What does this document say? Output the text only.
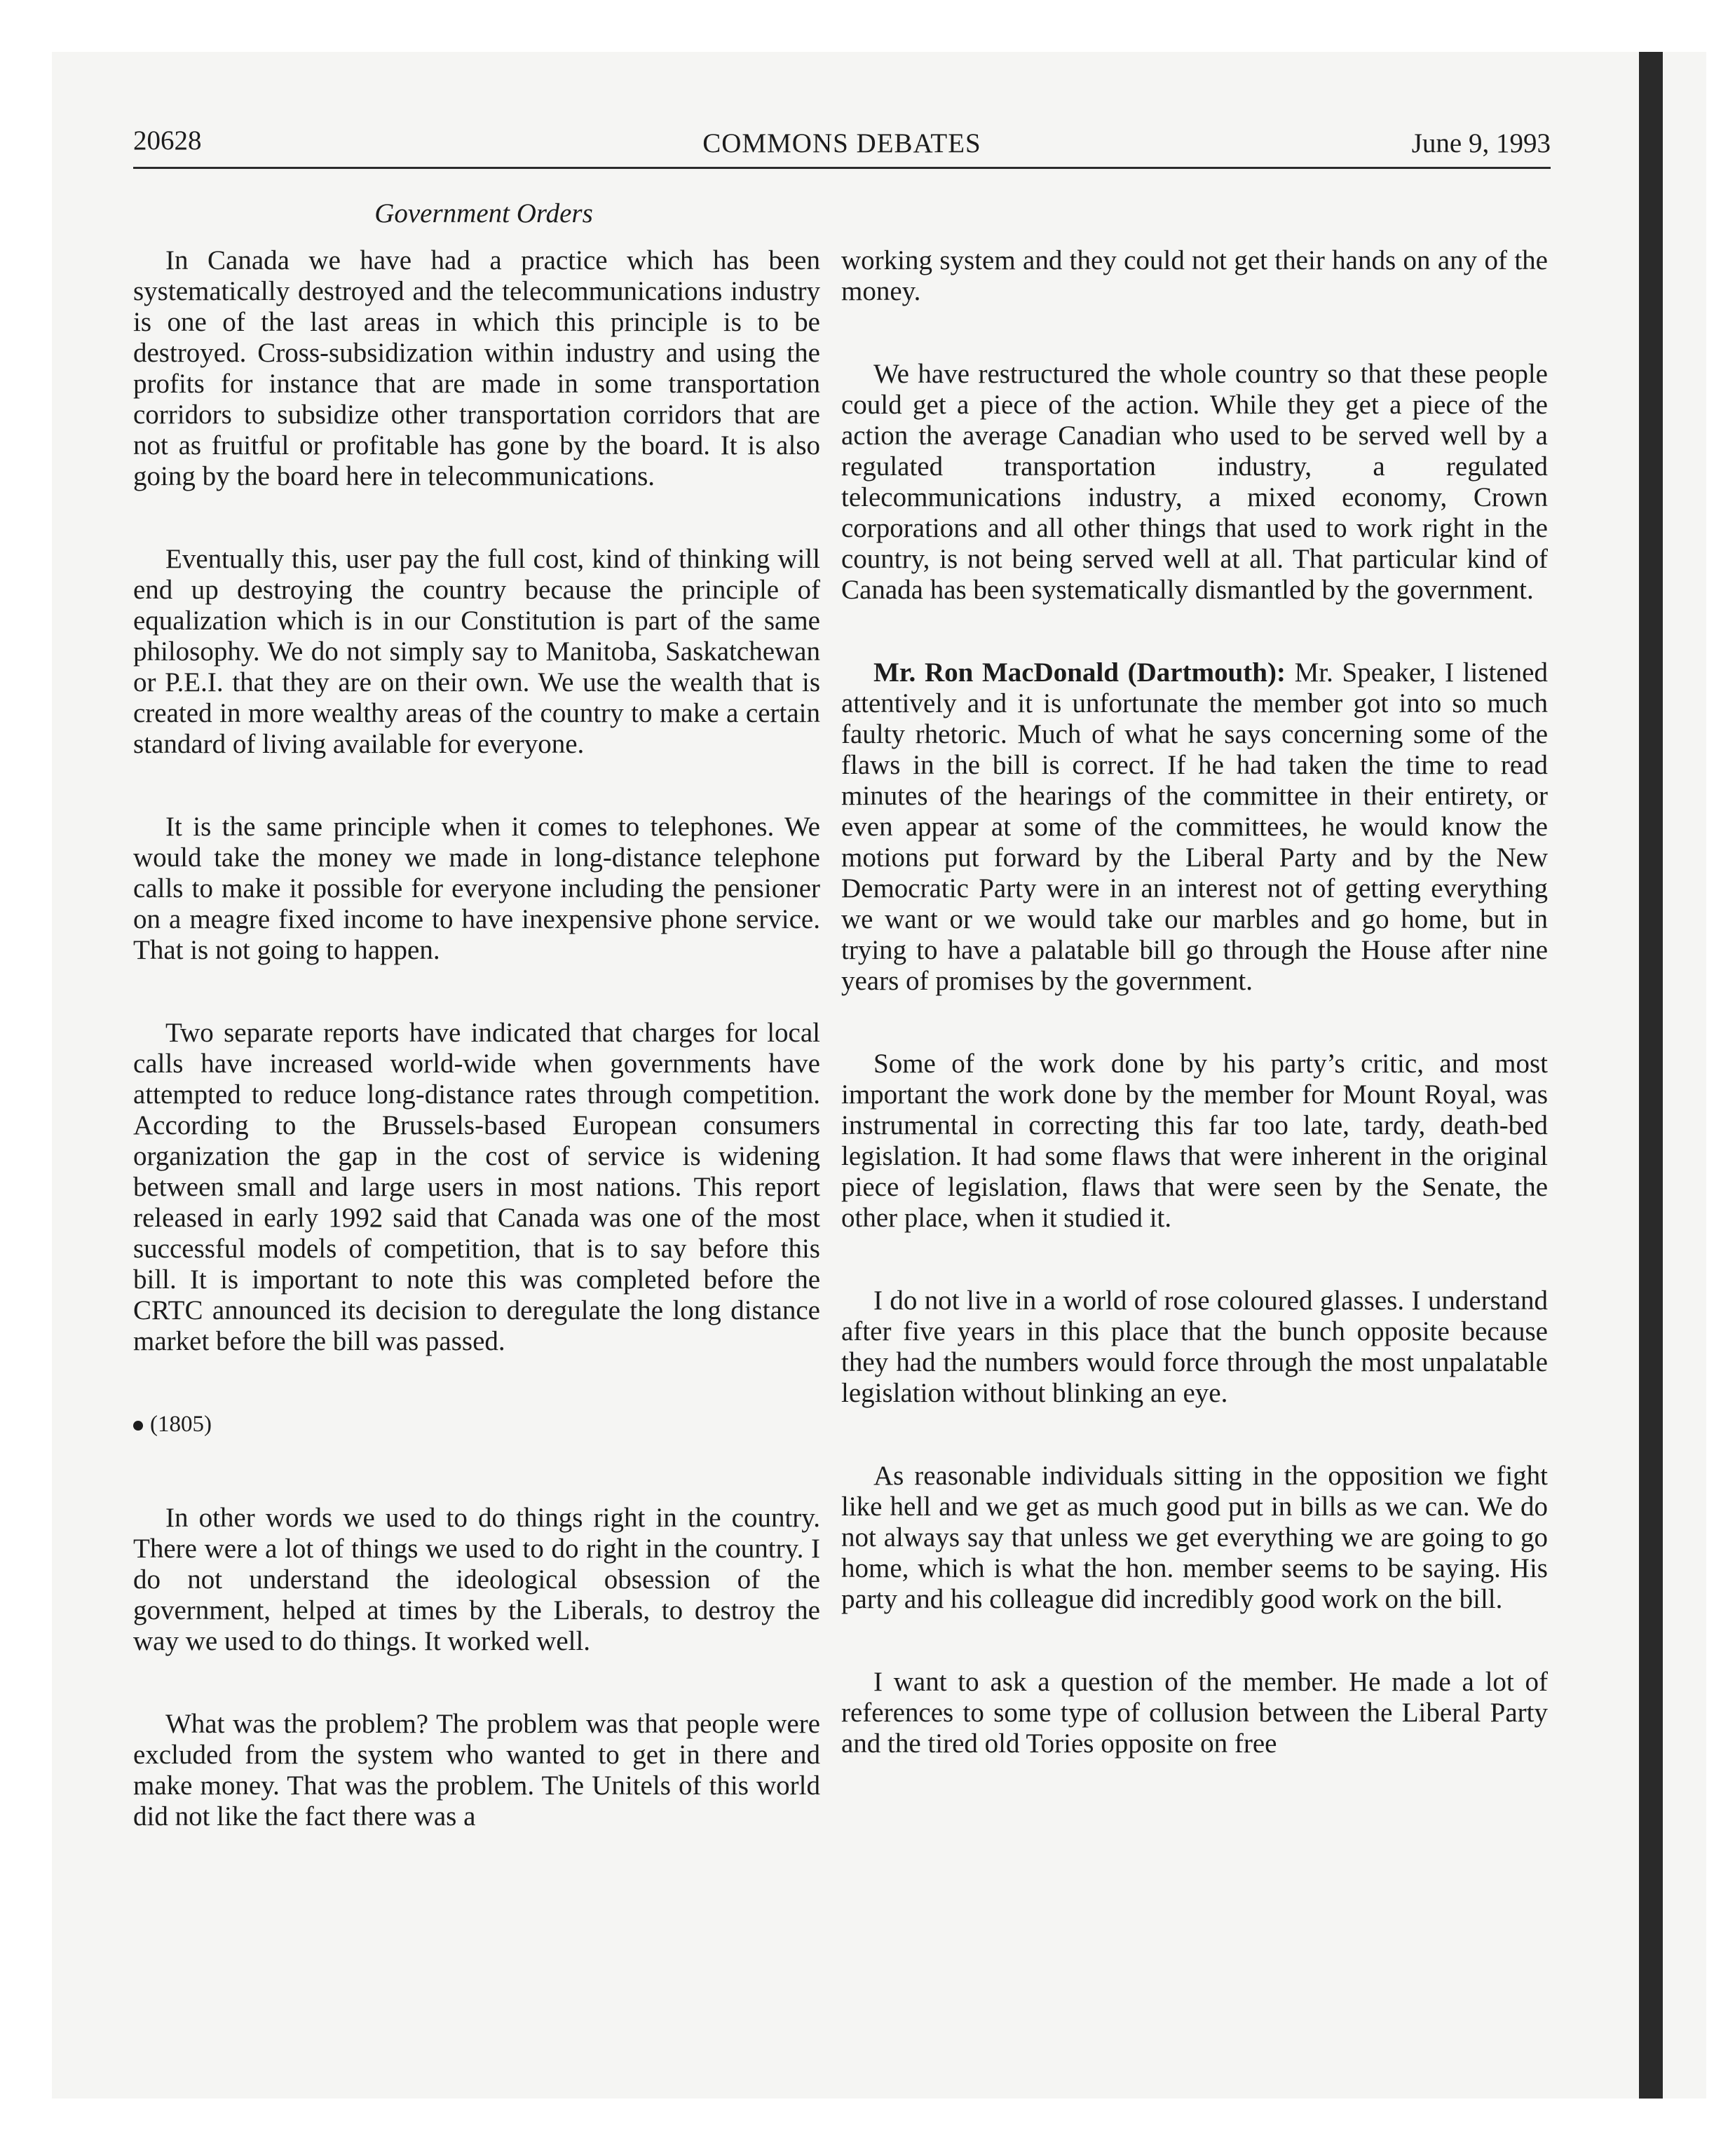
20628	COMMONS DEBATES	June 9, 1993
Government Orders

In Canada we have had a practice which has been systematically destroyed and the telecommunications industry is one of the last areas in which this principle is to be destroyed. Cross-subsidization within industry and using the profits for instance that are made in some transportation corridors to subsidize other transportation corridors that are not as fruitful or profitable has gone by the board. It is also going by the board here in telecommunications.

Eventually this, user pay the full cost, kind of thinking will end up destroying the country because the principle of equalization which is in our Constitution is part of the same philosophy. We do not simply say to Manitoba, Saskatchewan or P.E.I. that they are on their own. We use the wealth that is created in more wealthy areas of the country to make a certain standard of living available for everyone.

It is the same principle when it comes to telephones. We would take the money we made in long-distance telephone calls to make it possible for everyone including the pensioner on a meagre fixed income to have inexpensive phone service. That is not going to happen.

Two separate reports have indicated that charges for local calls have increased world-wide when governments have attempted to reduce long-distance rates through competition. According to the Brussels-based European consumers organization the gap in the cost of service is widening between small and large users in most nations. This report released in early 1992 said that Canada was one of the most successful models of competition, that is to say before this bill. It is important to note this was completed before the CRTC announced its decision to deregulate the long distance market before the bill was passed.

(1805)

In other words we used to do things right in the country. There were a lot of things we used to do right in the country. I do not understand the ideological obsession of the government, helped at times by the Liberals, to destroy the way we used to do things. It worked well.

What was the problem? The problem was that people were excluded from the system who wanted to get in there and make money. That was the problem. The Unitels of this world did not like the fact there was a

working system and they could not get their hands on any of the money.

We have restructured the whole country so that these people could get a piece of the action. While they get a piece of the action the average Canadian who used to be served well by a regulated transportation industry, a regulated telecommunications industry, a mixed economy, Crown corporations and all other things that used to work right in the country, is not being served well at all. That particular kind of Canada has been systematically dismantled by the government.

Mr. Ron MacDonald (Dartmouth): Mr. Speaker, I listened attentively and it is unfortunate the member got into so much faulty rhetoric. Much of what he says concerning some of the flaws in the bill is correct. If he had taken the time to read minutes of the hearings of the committee in their entirety, or even appear at some of the committees, he would know the motions put forward by the Liberal Party and by the New Democratic Party were in an interest not of getting everything we want or we would take our marbles and go home, but in trying to have a palatable bill go through the House after nine years of promises by the government.

Some of the work done by his party’s critic, and most important the work done by the member for Mount Royal, was instrumental in correcting this far too late, tardy, death-bed legislation. It had some flaws that were inherent in the original piece of legislation, flaws that were seen by the Senate, the other place, when it studied it.

I do not live in a world of rose coloured glasses. I understand after five years in this place that the bunch opposite because they had the numbers would force through the most unpalatable legislation without blinking an eye.

As reasonable individuals sitting in the opposition we fight like hell and we get as much good put in bills as we can. We do not always say that unless we get everything we are going to go home, which is what the hon. member seems to be saying. His party and his colleague did incredibly good work on the bill.

I want to ask a question of the member. He made a lot of references to some type of collusion between the Liberal Party and the tired old Tories opposite on free
